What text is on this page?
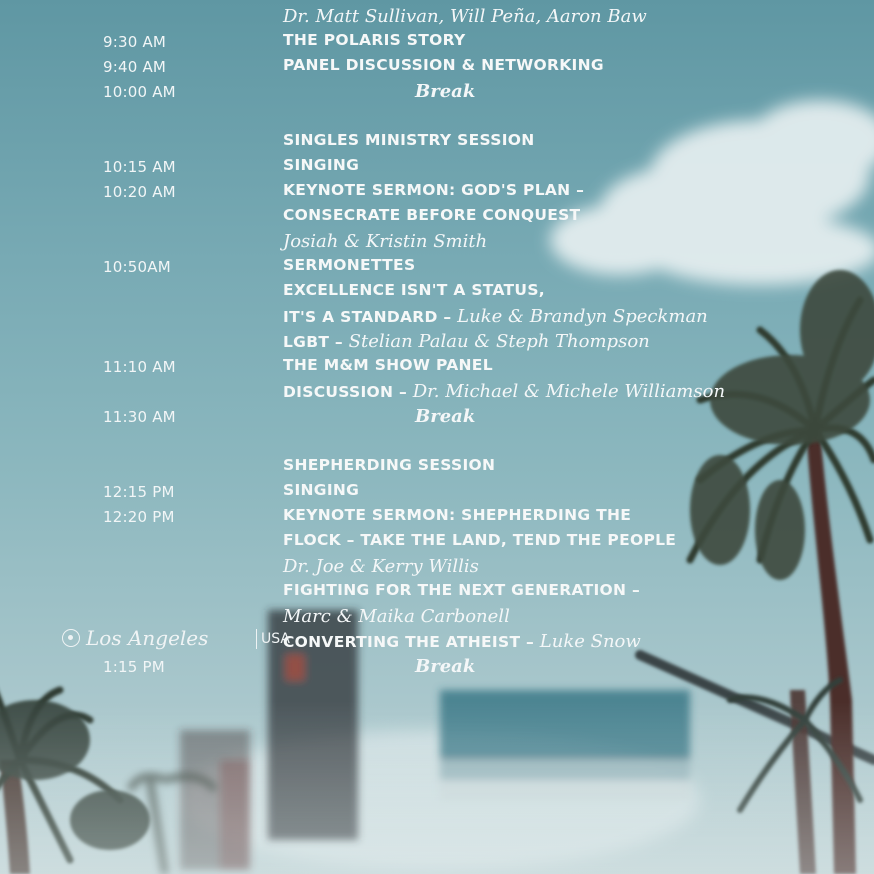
Dr. Matt Sullivan, Will Peña, Aaron Baw
9:30 AM	THE POLARIS STORY
9:40 AM	PANEL DISCUSSION & NETWORKING
10:00 AM	Break
SINGLES MINISTRY SESSION
10:15 AM	SINGING
10:20 AM	KEYNOTE SERMON: GOD'S PLAN –
CONSECRATE BEFORE CONQUEST
Josiah & Kristin Smith
10:50AM	SERMONETTES
EXCELLENCE ISN'T A STATUS,
IT'S A STANDARD – Luke & Brandyn Speckman
LGBT – Stelian Palau & Steph Thompson
11:10 AM	THE M&M SHOW PANEL
DISCUSSION – Dr. Michael & Michele Williamson
11:30 AM	Break
SHEPHERDING SESSION
12:15 PM	SINGING
12:20 PM	KEYNOTE SERMON: SHEPHERDING THE
FLOCK – TAKE THE LAND, TEND THE PEOPLE
Dr. Joe & Kerry Willis
FIGHTING FOR THE NEXT GENERATION –
Marc & Maika Carbonell
CONVERTING THE ATHEIST – Luke Snow
1:15 PM	Break
Los Angeles	USA
